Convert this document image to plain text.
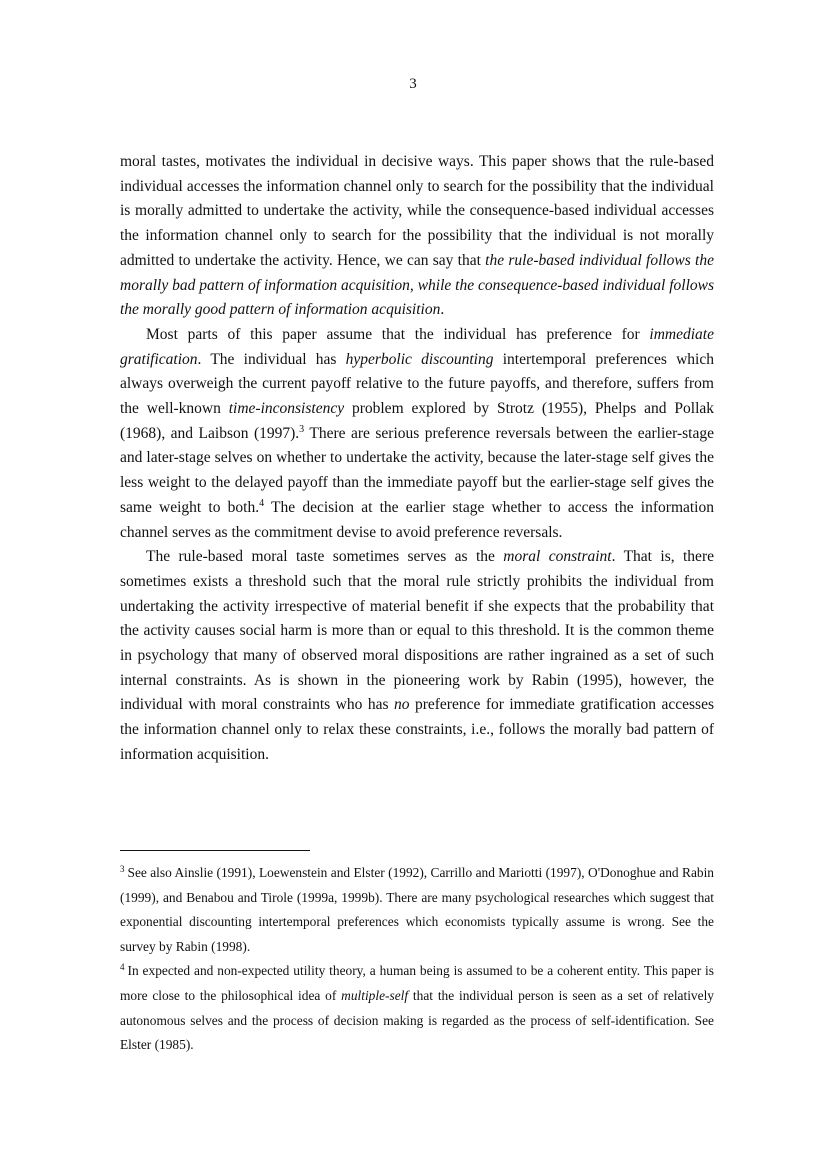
3

moral tastes, motivates the individual in decisive ways. This paper shows that the rule-based individual accesses the information channel only to search for the possibility that the individual is morally admitted to undertake the activity, while the consequence-based individual accesses the information channel only to search for the possibility that the individual is not morally admitted to undertake the activity. Hence, we can say that the rule-based individual follows the morally bad pattern of information acquisition, while the consequence-based individual follows the morally good pattern of information acquisition.

Most parts of this paper assume that the individual has preference for immediate gratification. The individual has hyperbolic discounting intertemporal preferences which always overweigh the current payoff relative to the future payoffs, and therefore, suffers from the well-known time-inconsistency problem explored by Strotz (1955), Phelps and Pollak (1968), and Laibson (1997).$^3$ There are serious preference reversals between the earlier-stage and later-stage selves on whether to undertake the activity, because the later-stage self gives the less weight to the delayed payoff than the immediate payoff but the earlier-stage self gives the same weight to both.$^4$ The decision at the earlier stage whether to access the information channel serves as the commitment devise to avoid preference reversals.

The rule-based moral taste sometimes serves as the moral constraint. That is, there sometimes exists a threshold such that the moral rule strictly prohibits the individual from undertaking the activity irrespective of material benefit if she expects that the probability that the activity causes social harm is more than or equal to this threshold. It is the common theme in psychology that many of observed moral dispositions are rather ingrained as a set of such internal constraints. As is shown in the pioneering work by Rabin (1995), however, the individual with moral constraints who has no preference for immediate gratification accesses the information channel only to relax these constraints, i.e., follows the morally bad pattern of information acquisition.

$^3$ See also Ainslie (1991), Loewenstein and Elster (1992), Carrillo and Mariotti (1997), O'Donoghue and Rabin (1999), and Benabou and Tirole (1999a, 1999b). There are many psychological researches which suggest that exponential discounting intertemporal preferences which economists typically assume is wrong. See the survey by Rabin (1998).

$^4$ In expected and non-expected utility theory, a human being is assumed to be a coherent entity. This paper is more close to the philosophical idea of multiple-self that the individual person is seen as a set of relatively autonomous selves and the process of decision making is regarded as the process of self-identification. See Elster (1985).
